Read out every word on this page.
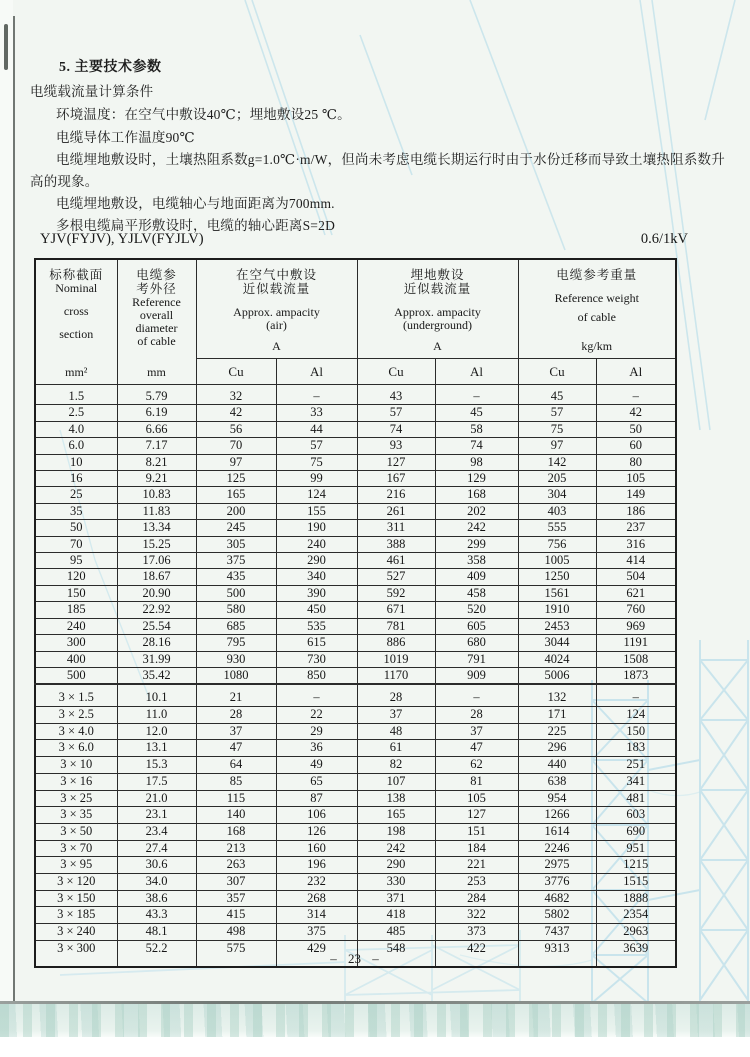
5. 主要技术参数
电缆载流量计算条件
环境温度：在空气中敷设40℃；埋地敷设25 ℃。
电缆导体工作温度90℃
电缆埋地敷设时，土壤热阻系数g=1.0℃·m/W，但尚未考虑电缆长期运行时由于水份迁移而导致土壤热阻系数升
高的现象。
电缆埋地敷设，电缆轴心与地面距离为700mm.
多根电缆扁平形敷设时，电缆的轴心距离S=2D
YJV(FYJV), YJLV(FYJLV)	0.6/1kV
标称截面
Nominal
cross
section
mm²

电缆参
考外径
Reference
overall
diameter
of cable
mm

在空气中敷设
近似载流量
Approx. ampacity
(air)
A

埋地敷设
近似载流量
Approx. ampacity
(underground)
A

电缆参考重量
Reference weight
of cable
kg/km

		Cu	Al	Cu	Al	Cu	Al
1.5	5.79	32	–	43	–	45	–
2.5	6.19	42	33	57	45	57	42
4.0	6.66	56	44	74	58	75	50
6.0	7.17	70	57	93	74	97	60
10	8.21	97	75	127	98	142	80
16	9.21	125	99	167	129	205	105
25	10.83	165	124	216	168	304	149
35	11.83	200	155	261	202	403	186
50	13.34	245	190	311	242	555	237
70	15.25	305	240	388	299	756	316
95	17.06	375	290	461	358	1005	414
120	18.67	435	340	527	409	1250	504
150	20.90	500	390	592	458	1561	621
185	22.92	580	450	671	520	1910	760
240	25.54	685	535	781	605	2453	969
300	28.16	795	615	886	680	3044	1191
400	31.99	930	730	1019	791	4024	1508
500	35.42	1080	850	1170	909	5006	1873
3 × 1.5	10.1	21	–	28	–	132	–
3 × 2.5	11.0	28	22	37	28	171	124
3 × 4.0	12.0	37	29	48	37	225	150
3 × 6.0	13.1	47	36	61	47	296	183
3 × 10	15.3	64	49	82	62	440	251
3 × 16	17.5	85	65	107	81	638	341
3 × 25	21.0	115	87	138	105	954	481
3 × 35	23.1	140	106	165	127	1266	603
3 × 50	23.4	168	126	198	151	1614	690
3 × 70	27.4	213	160	242	184	2246	951
3 × 95	30.6	263	196	290	221	2975	1215
3 × 120	34.0	307	232	330	253	3776	1515
3 × 150	38.6	357	268	371	284	4682	1888
3 × 185	43.3	415	314	418	322	5802	2354
3 × 240	48.1	498	375	485	373	7437	2963
3 × 300	52.2	575	429	548	422	9313	3639
– 23 –
